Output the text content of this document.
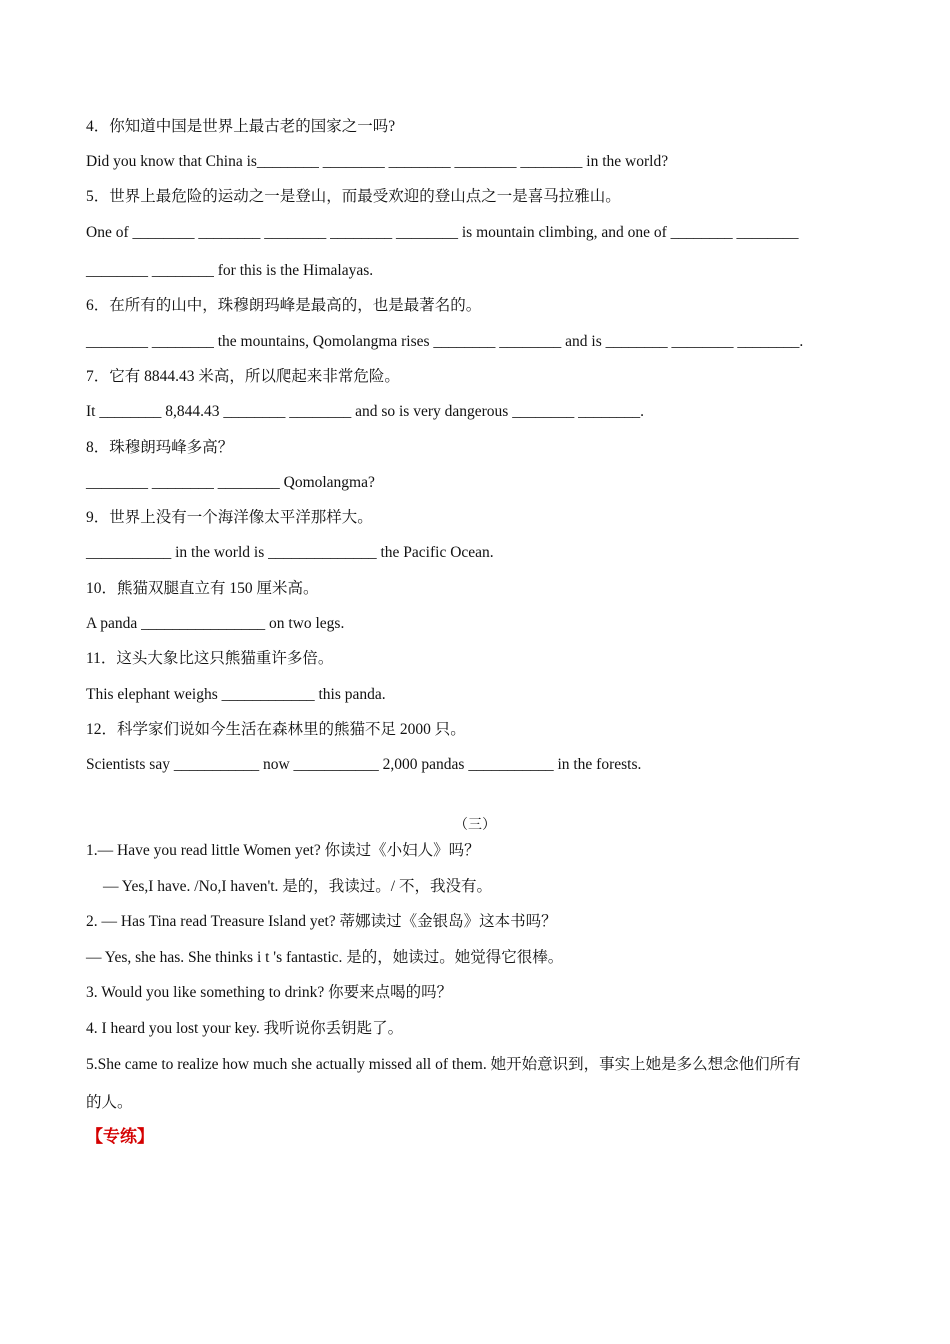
4．你知道中国是世界上最古老的国家之一吗?
Did you know that China is________ ________ ________ ________ ________ in the world?
5．世界上最危险的运动之一是登山，而最受欢迎的登山点之一是喜马拉雅山。
One of ________ ________ ________ ________ ________ is mountain climbing, and one of ________ ________
________ ________ for this is the Himalayas.
6．在所有的山中，珠穆朗玛峰是最高的，也是最著名的。
________ ________ the mountains, Qomolangma rises ________ ________ and is ________ ________ ________.
7．它有 8844.43 米高，所以爬起来非常危险。
It ________ 8,844.43 ________ ________ and so is very dangerous ________ ________.
8．珠穆朗玛峰多高？
________ ________ ________ Qomolangma?
9．世界上没有一个海洋像太平洋那样大。
___________ in the world is ______________ the Pacific Ocean.
10．熊猫双腿直立有 150 厘米高。
A panda ________________ on two legs.
11．这头大象比这只熊猫重许多倍。
This elephant weighs ____________ this panda.
12．科学家们说如今生活在森林里的熊猫不足 2000 只。
Scientists say ___________ now ___________ 2,000 pandas ___________ in the forests.
（三）
1.— Have you read little Women yet? 你读过《小妇人》吗？
— Yes,I have. /No,I haven't. 是的，我读过。/ 不，我没有。
2. — Has Tina read Treasure Island yet? 蒂娜读过《金银岛》这本书吗？
— Yes, she has. She thinks i t 's fantastic. 是的，她读过。她觉得它很棒。
3. Would you like something to drink? 你要来点喝的吗？
4. I heard you lost your key. 我听说你丢钥匙了。
5.She came to realize how much she actually missed all of them. 她开始意识到，事实上她是多么想念他们所有
的人。
【专练】
